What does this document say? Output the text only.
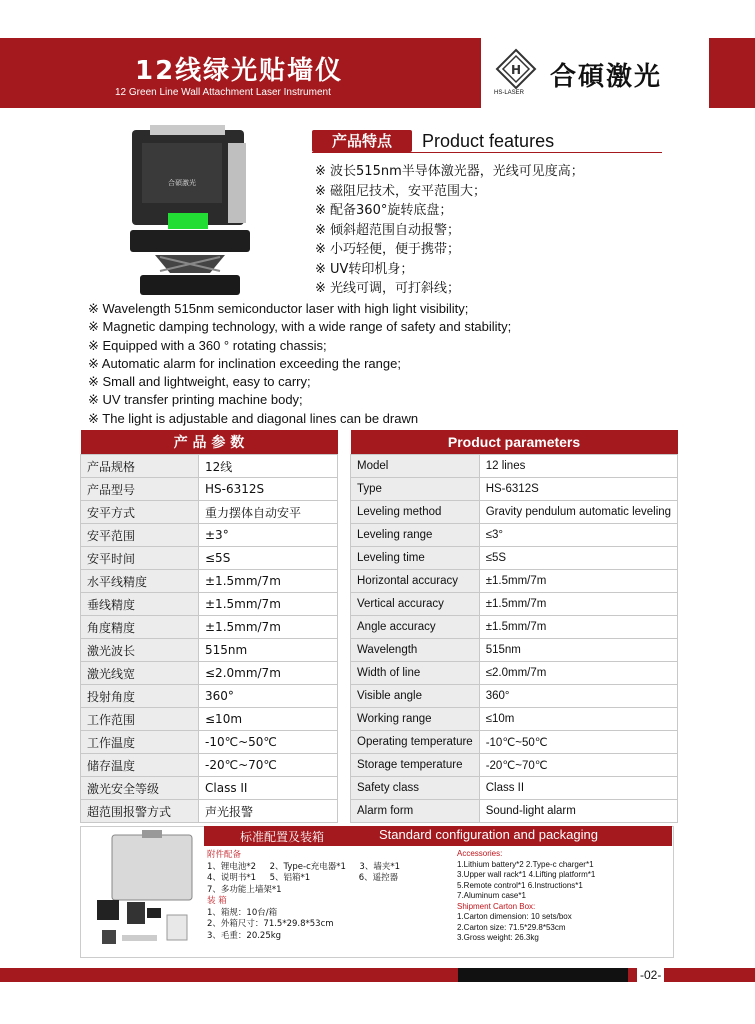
12线绿光贴墙仪
12 Green Line Wall Attachment Laser Instrument
H
HS-LASER
合碩激光
合碩激光
产品特点	Product features
※ 波长515nm半导体激光器，光线可见度高；
※ 磁阻尼技术，安平范围大；
※ 配备360°旋转底盘；
※ 倾斜超范围自动报警；
※ 小巧轻便，便于携带；
※ UV转印机身；
※ 光线可调，可打斜线；
※ Wavelength 515nm semiconductor laser with high light visibility;
※ Magnetic damping technology, with a wide range of safety and stability;
※ Equipped with a 360 ° rotating chassis;
※ Automatic alarm for inclination exceeding the range;
※ Small and lightweight, easy to carry;
※ UV transfer printing machine body;
※ The light is adjustable and diagonal lines can be drawn
产 品 参 数	
产品规格	12线
产品型号	HS-6312S
安平方式	重力摆体自动安平
安平范围	±3°
安平时间	≤5S
水平线精度	±1.5mm/7m
垂线精度	±1.5mm/7m
角度精度	±1.5mm/7m
激光波长	515nm
激光线宽	≤2.0mm/7m
投射角度	360°
工作范围	≤10m
工作温度	-10℃~50℃
储存温度	-20℃~70℃
激光安全等级	Class II
超范围报警方式	声光报警
Product parameters	
Model	12 lines
Type	HS-6312S
Leveling method	Gravity pendulum automatic leveling
Leveling range	≤3°
Leveling time	≤5S
Horizontal accuracy	±1.5mm/7m
Vertical accuracy	±1.5mm/7m
Angle accuracy	±1.5mm/7m
Wavelength	515nm
Width of line	≤2.0mm/7m
Visible angle	360°
Working range	≤10m
Operating temperature	-10℃~50℃
Storage temperature	-20℃~70℃
Safety class	Class II
Alarm form	Sound-light alarm
标准配置及装箱	Standard configuration and packaging
附件配备
1、锂电池*2     2、Type-c充电器*1     3、墙夹*1
4、说明书*1     5、铝箱*1                  6、遥控器
7、多功能上墙架*1
装 箱
1、箱规：10台/箱
2、外箱尺寸：71.5*29.8*53cm
3、毛重：20.25kg
Accessories:
1.Lithium battery*2 2.Type-c charger*1
3.Upper wall rack*1 4.Lifting platform*1
5.Remote control*1 6.Instructions*1
7.Aluminum case*1
Shipment Carton Box:
1.Carton dimension: 10 sets/box
2.Carton size: 71.5*29.8*53cm
3.Gross weight: 26.3kg
-02-
